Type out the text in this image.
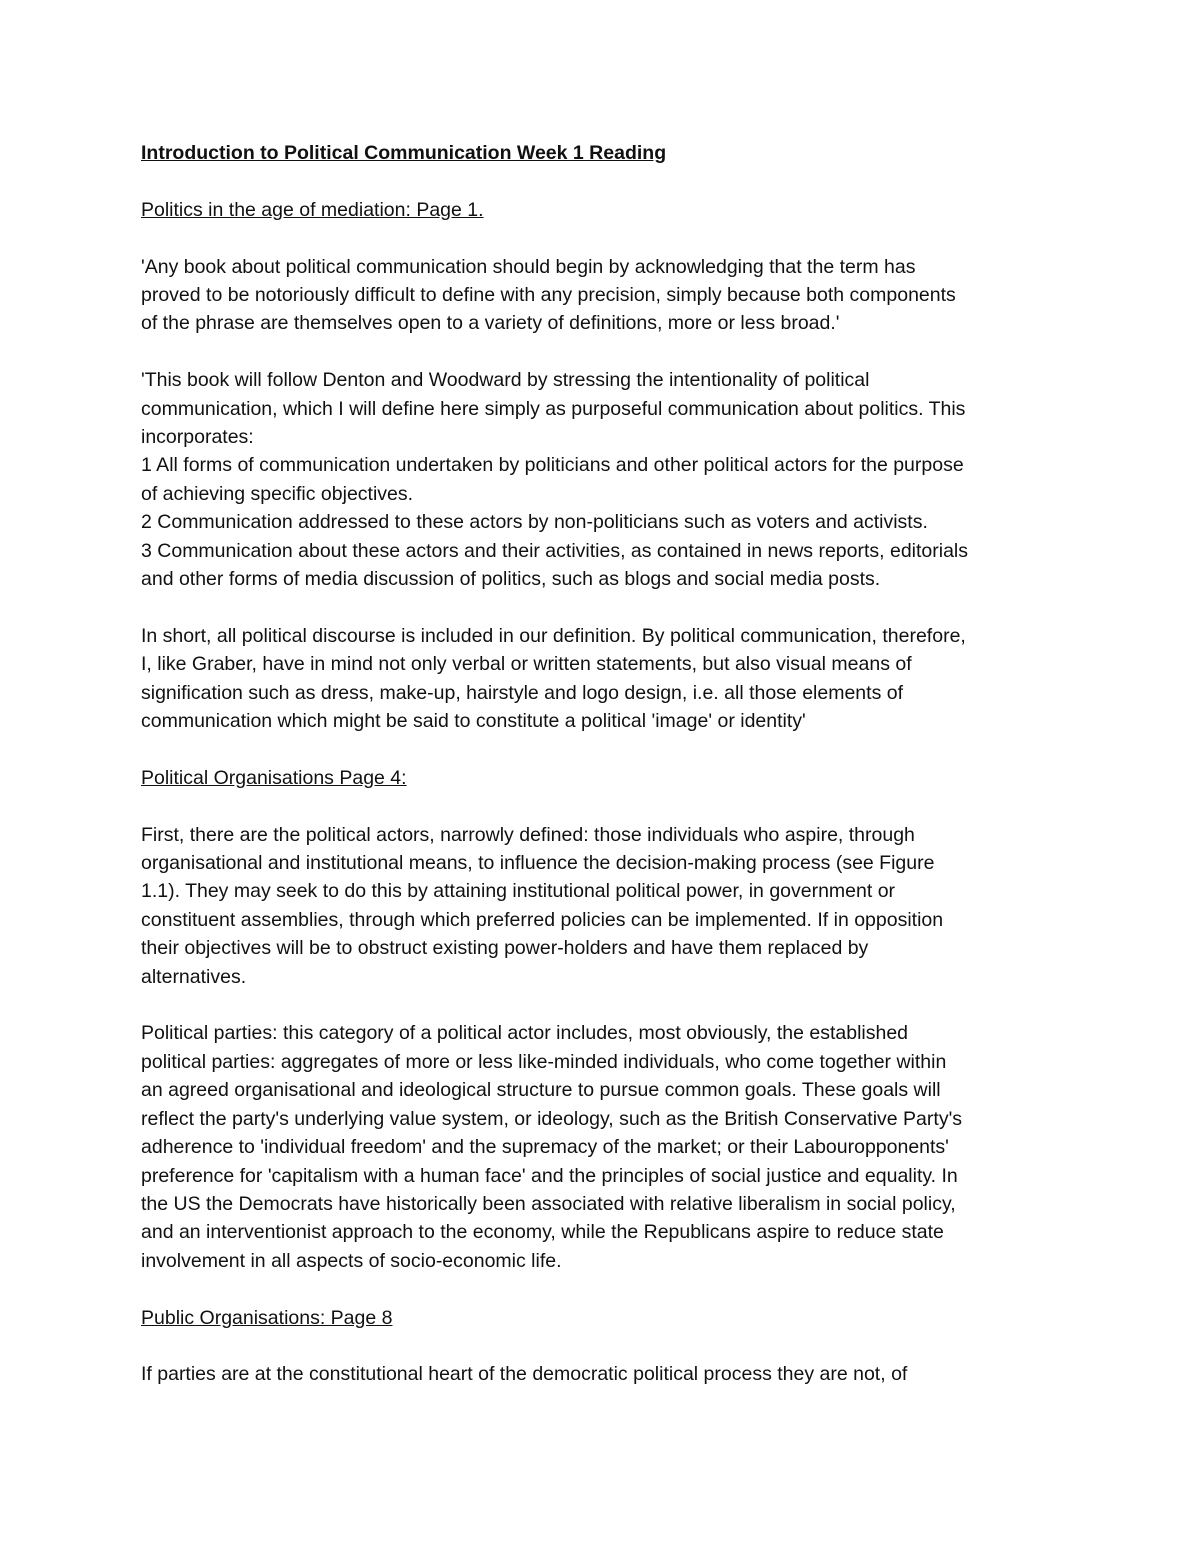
Introduction to Political Communication Week 1 Reading
Politics in the age of mediation: Page 1.
'Any book about political communication should begin by acknowledging that the term has
proved to be notoriously difficult to define with any precision, simply because both components
of the phrase are themselves open to a variety of definitions, more or less broad.'
'This book will follow Denton and Woodward by stressing the intentionality of political
communication, which I will define here simply as purposeful communication about politics. This
incorporates:
1 All forms of communication undertaken by politicians and other political actors for the purpose
of achieving specific objectives.
2 Communication addressed to these actors by non-politicians such as voters and activists.
3 Communication about these actors and their activities, as contained in news reports, editorials
and other forms of media discussion of politics, such as blogs and social media posts.
In short, all political discourse is included in our definition. By political communication, therefore,
I, like Graber, have in mind not only verbal or written statements, but also visual means of
signification such as dress, make-up, hairstyle and logo design, i.e. all those elements of
communication which might be said to constitute a political 'image' or identity'
Political Organisations Page 4:
First, there are the political actors, narrowly defined: those individuals who aspire, through
organisational and institutional means, to influence the decision-making process (see Figure
1.1). They may seek to do this by attaining institutional political power, in government or
constituent assemblies, through which preferred policies can be implemented. If in opposition
their objectives will be to obstruct existing power-holders and have them replaced by
alternatives.
Political parties: this category of a political actor includes, most obviously, the established
political parties: aggregates of more or less like-minded individuals, who come together within
an agreed organisational and ideological structure to pursue common goals. These goals will
reflect the party's underlying value system, or ideology, such as the British Conservative Party's
adherence to 'individual freedom' and the supremacy of the market; or their Labouropponents'
preference for 'capitalism with a human face' and the principles of social justice and equality. In
the US the Democrats have historically been associated with relative liberalism in social policy,
and an interventionist approach to the economy, while the Republicans aspire to reduce state
involvement in all aspects of socio-economic life.
Public Organisations: Page 8
If parties are at the constitutional heart of the democratic political process they are not, of
